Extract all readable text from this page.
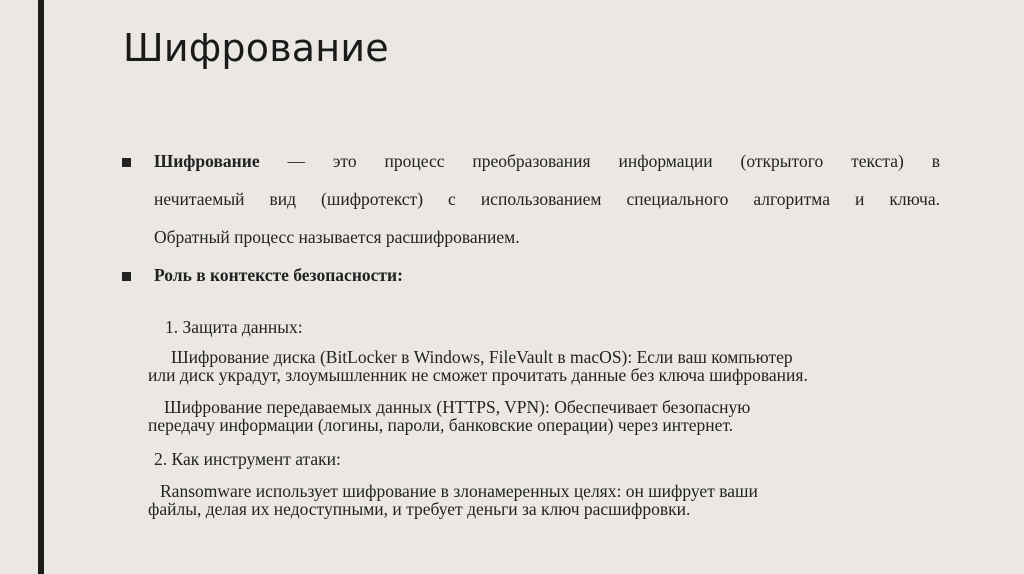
Шифрование

Шифрование — это процесс преобразования информации (открытого текста) в

нечитаемый вид (шифротекст) с использованием специального алгоритма и ключа.

Обратный процесс называется расшифрованием.

Роль в контексте безопасности:

1. Защита данных:

Шифрование диска (BitLocker в Windows, FileVault в macOS): Если ваш компьютер

или диск украдут, злоумышленник не сможет прочитать данные без ключа шифрования.

Шифрование передаваемых данных (HTTPS, VPN): Обеспечивает безопасную

передачу информации (логины, пароли, банковские операции) через интернет.

2. Как инструмент атаки:

Ransomware использует шифрование в злонамеренных целях: он шифрует ваши

файлы, делая их недоступными, и требует деньги за ключ расшифровки.
